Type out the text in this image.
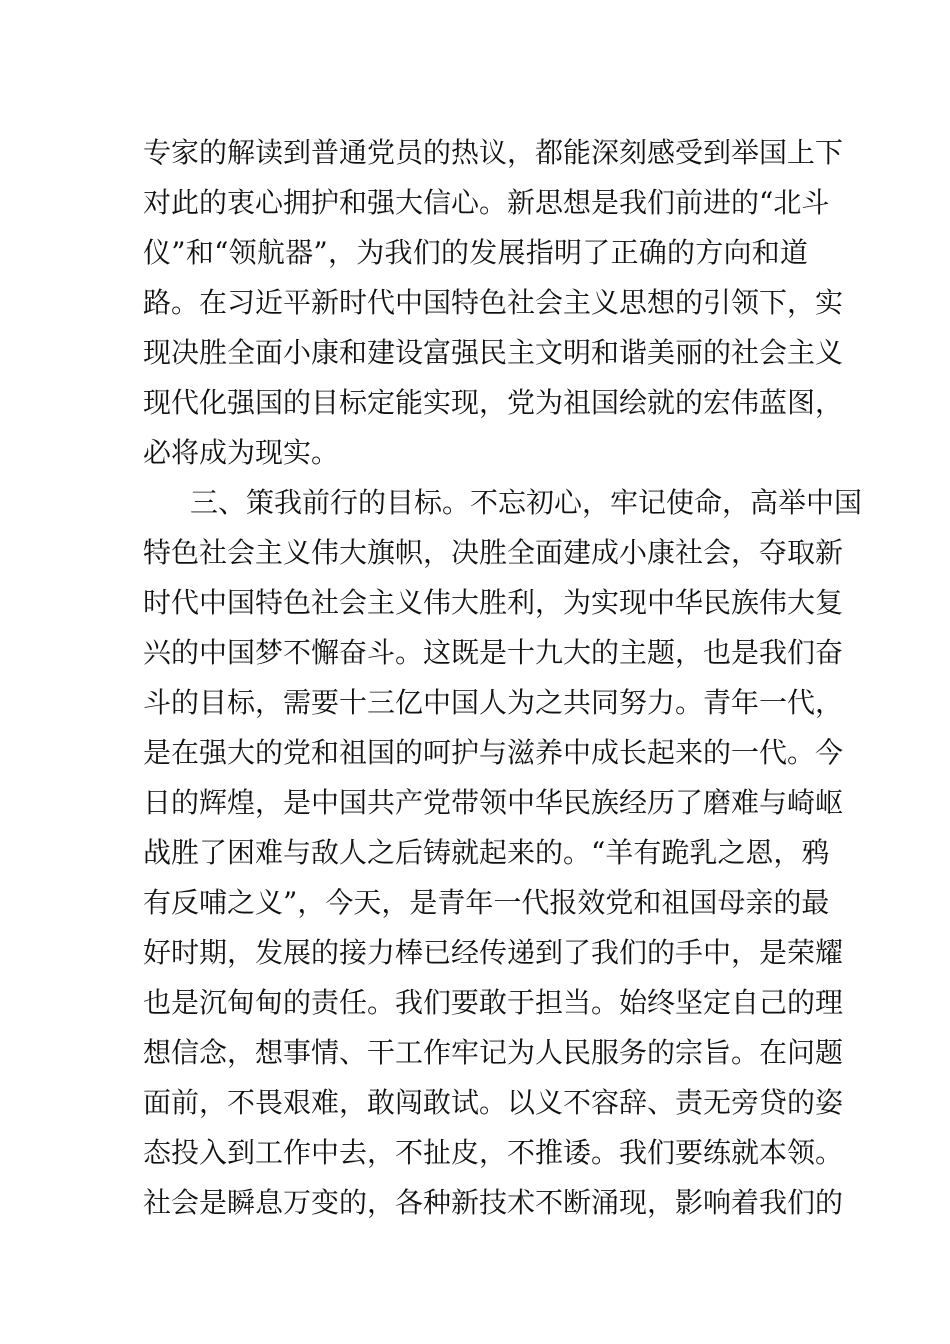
专家的解读到普通党员的热议，都能深刻感受到举国上下
对此的衷心拥护和强大信心。新思想是我们前进的“北斗
仪”和“领航器”，为我们的发展指明了正确的方向和道
路。在习近平新时代中国特色社会主义思想的引领下，实
现决胜全面小康和建设富强民主文明和谐美丽的社会主义
现代化强国的目标定能实现，党为祖国绘就的宏伟蓝图，
必将成为现实。
三、策我前行的目标。不忘初心，牢记使命，高举中国
特色社会主义伟大旗帜，决胜全面建成小康社会，夺取新
时代中国特色社会主义伟大胜利，为实现中华民族伟大复
兴的中国梦不懈奋斗。这既是十九大的主题，也是我们奋
斗的目标，需要十三亿中国人为之共同努力。青年一代，
是在强大的党和祖国的呵护与滋养中成长起来的一代。今
日的辉煌，是中国共产党带领中华民族经历了磨难与崎岖
战胜了困难与敌人之后铸就起来的。“羊有跪乳之恩，鸦
有反哺之义”，今天，是青年一代报效党和祖国母亲的最
好时期，发展的接力棒已经传递到了我们的手中，是荣耀
也是沉甸甸的责任。我们要敢于担当。始终坚定自己的理
想信念，想事情、干工作牢记为人民服务的宗旨。在问题
面前，不畏艰难，敢闯敢试。以义不容辞、责无旁贷的姿
态投入到工作中去，不扯皮，不推诿。我们要练就本领。
社会是瞬息万变的，各种新技术不断涌现，影响着我们的
